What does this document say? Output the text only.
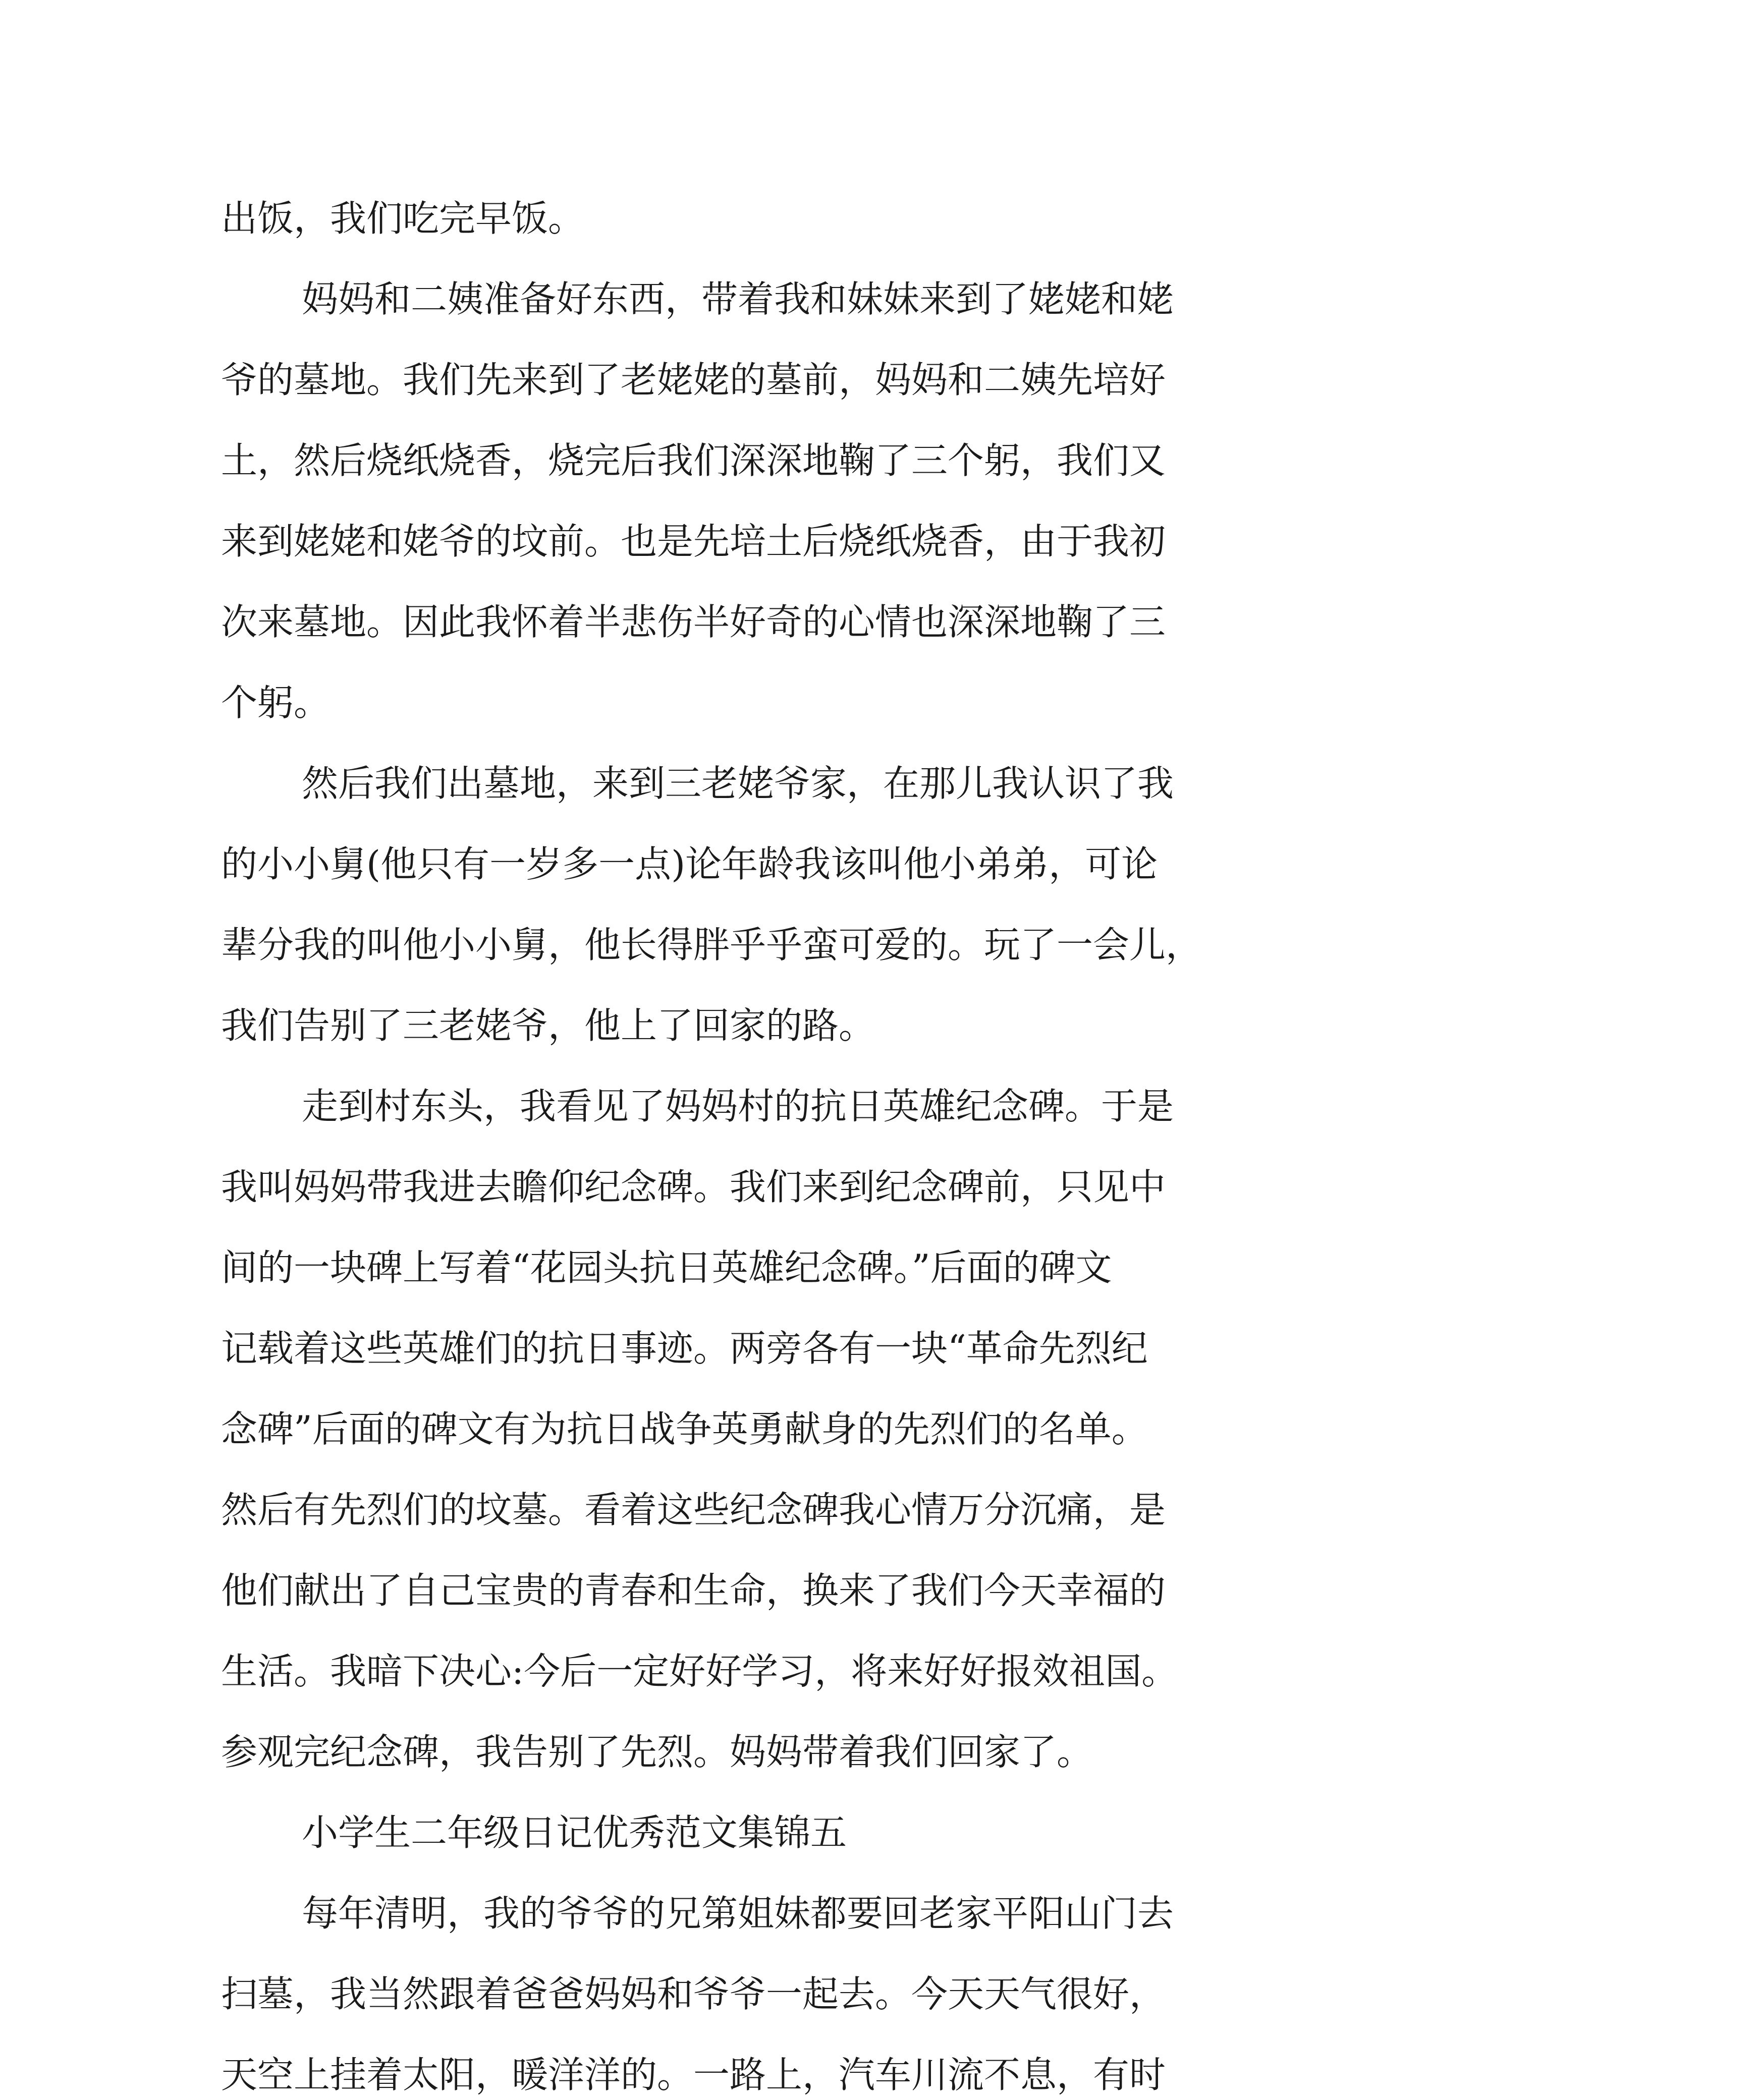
出饭，我们吃完早饭。
妈妈和二姨准备好东西，带着我和妹妹来到了姥姥和姥
爷的墓地。我们先来到了老姥姥的墓前，妈妈和二姨先培好
土，然后烧纸烧香，烧完后我们深深地鞠了三个躬，我们又
来到姥姥和姥爷的坟前。也是先培土后烧纸烧香，由于我初
次来墓地。因此我怀着半悲伤半好奇的心情也深深地鞠了三
个躬。
然后我们出墓地，来到三老姥爷家，在那儿我认识了我
的小小舅(他只有一岁多一点)论年龄我该叫他小弟弟，可论
辈分我的叫他小小舅，他长得胖乎乎蛮可爱的。玩了一会儿，
我们告别了三老姥爷，他上了回家的路。
走到村东头，我看见了妈妈村的抗日英雄纪念碑。于是
我叫妈妈带我进去瞻仰纪念碑。我们来到纪念碑前，只见中
间的一块碑上写着“花园头抗日英雄纪念碑。”后面的碑文
记载着这些英雄们的抗日事迹。两旁各有一块“革命先烈纪
念碑”后面的碑文有为抗日战争英勇献身的先烈们的名单。
然后有先烈们的坟墓。看着这些纪念碑我心情万分沉痛，是
他们献出了自己宝贵的青春和生命，换来了我们今天幸福的
生活。我暗下决心:今后一定好好学习，将来好好报效祖国。
参观完纪念碑，我告别了先烈。妈妈带着我们回家了。
小学生二年级日记优秀范文集锦五
每年清明，我的爷爷的兄第姐妹都要回老家平阳山门去
扫墓，我当然跟着爸爸妈妈和爷爷一起去。今天天气很好，
天空上挂着太阳，暖洋洋的。一路上，汽车川流不息，有时
